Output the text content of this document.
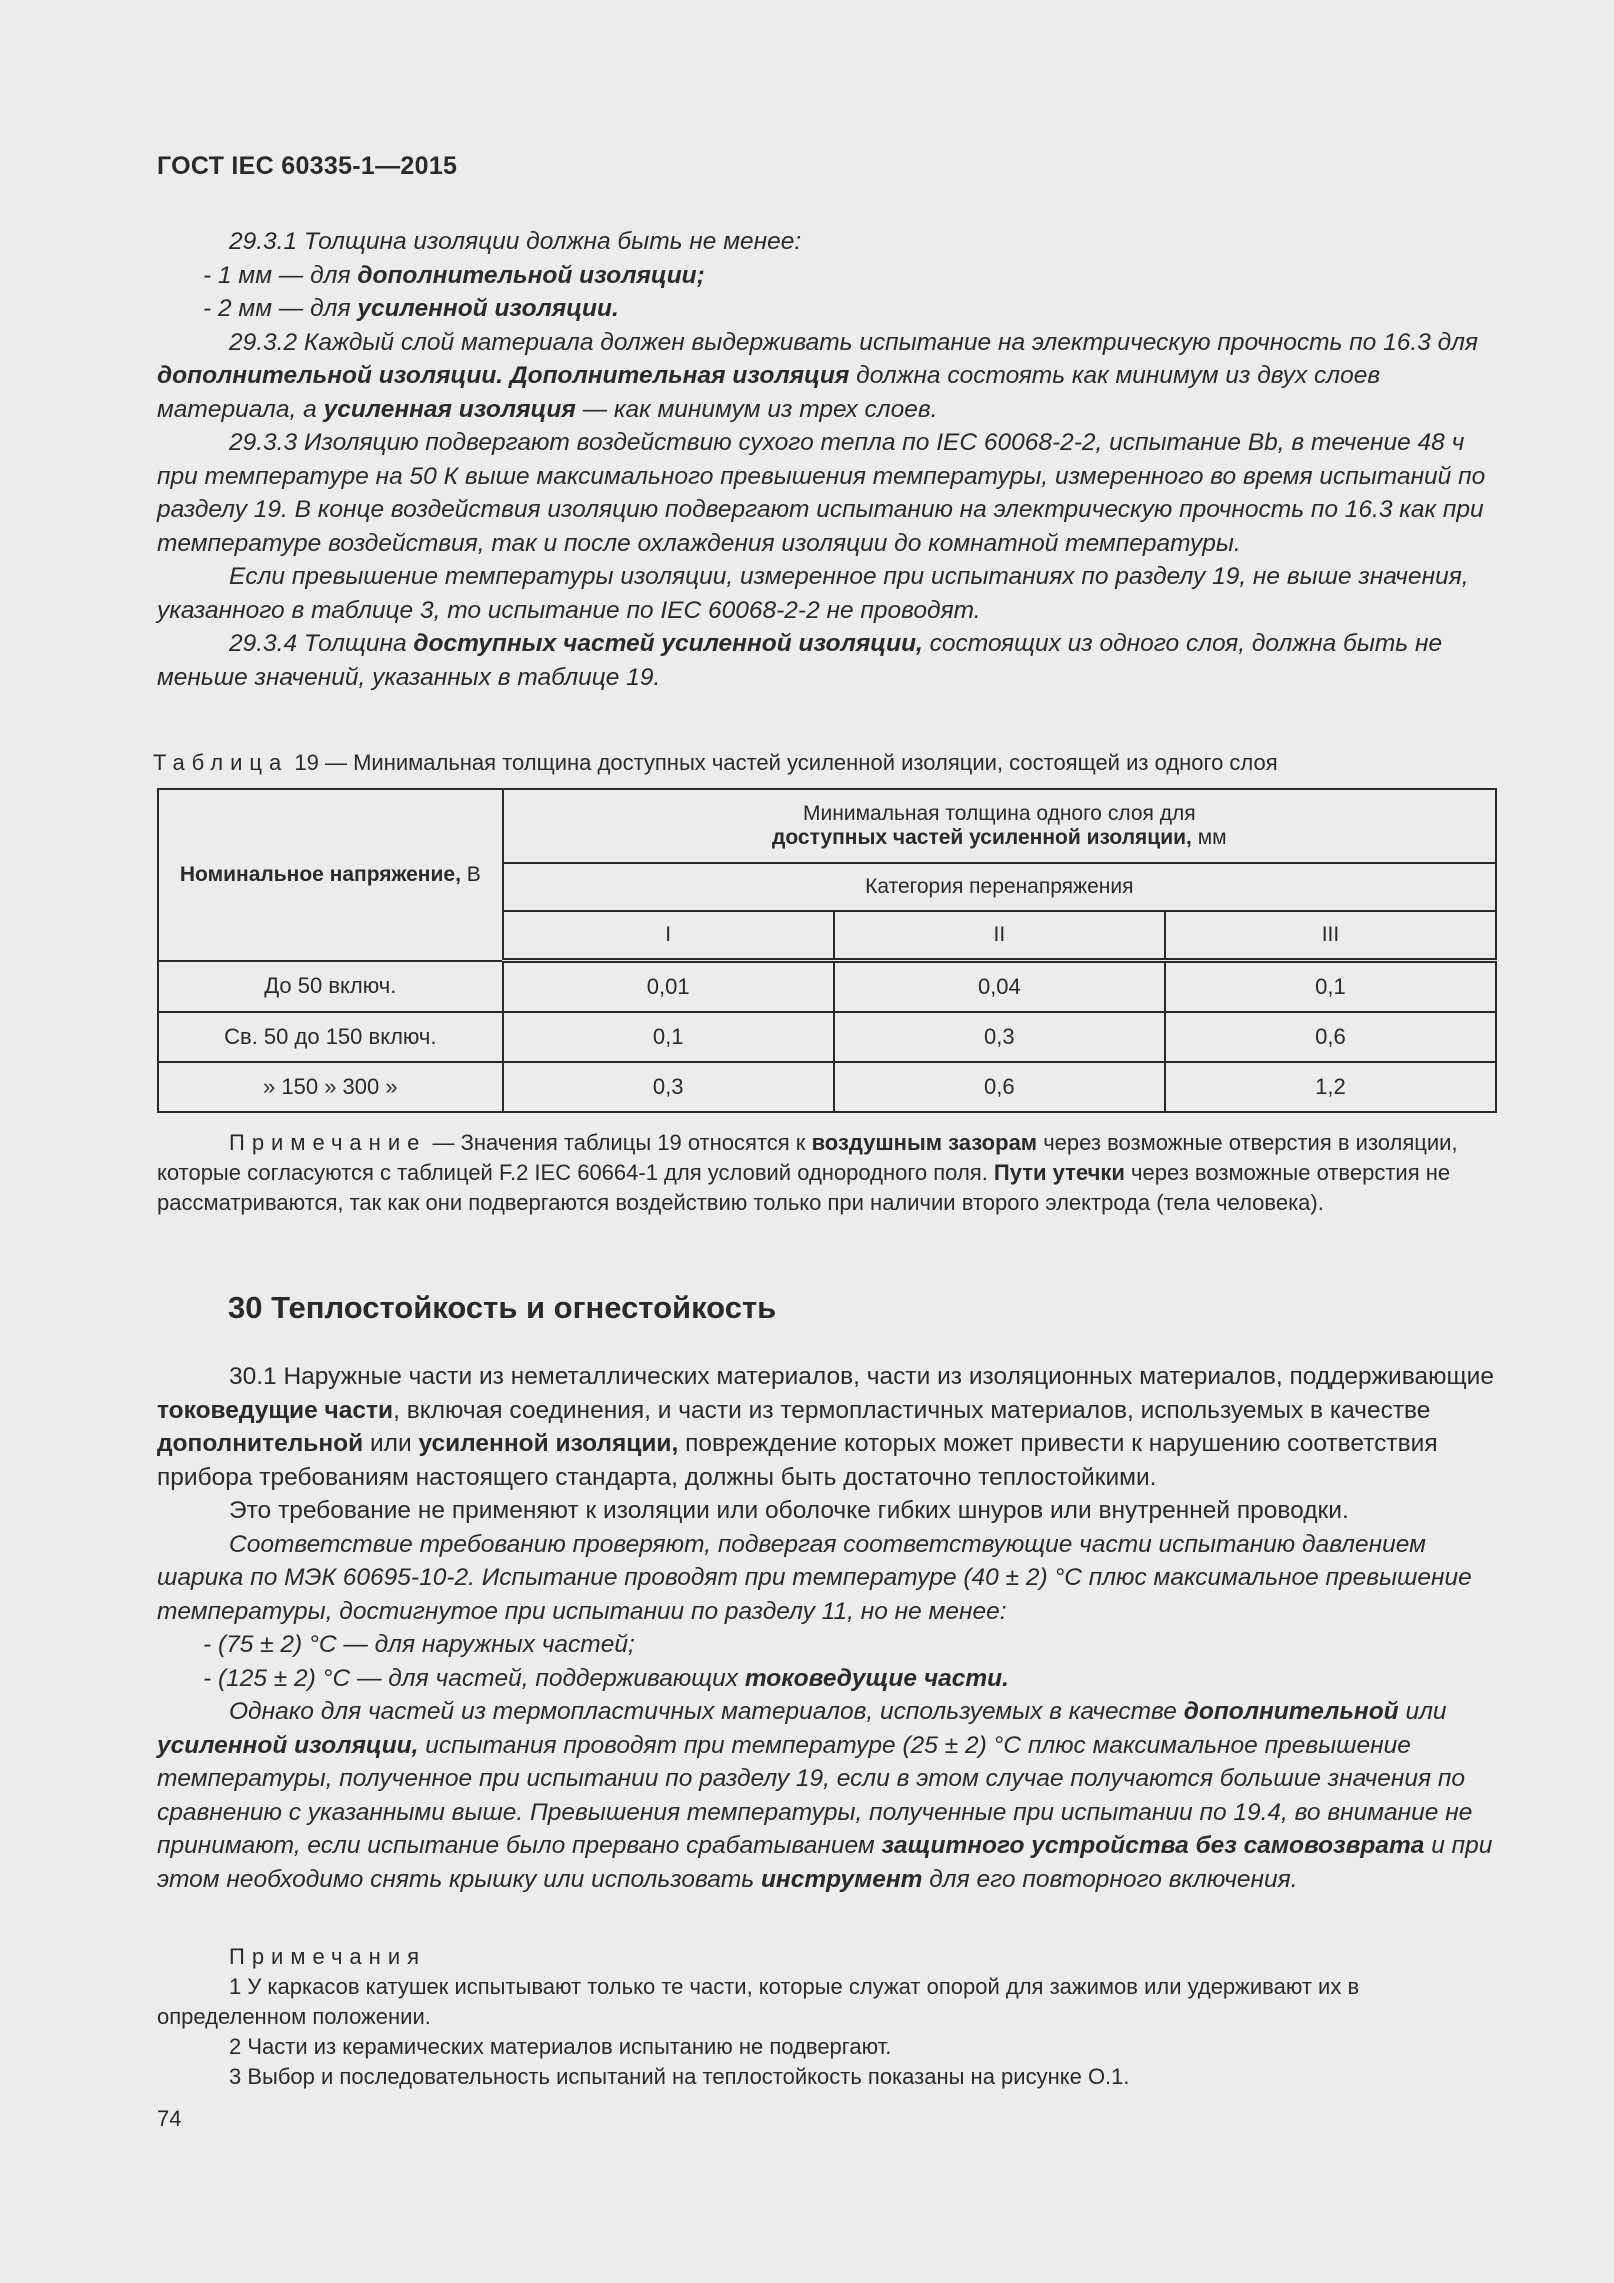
ГОСТ IEC 60335-1—2015
29.3.1 Толщина изоляции должна быть не менее:
- 1 мм — для дополнительной изоляции;
- 2 мм — для усиленной изоляции.
29.3.2 Каждый слой материала должен выдерживать испытание на электрическую прочность по 16.3 для дополнительной изоляции. Дополнительная изоляция должна состоять как минимум из двух слоев материала, а усиленная изоляция — как минимум из трех слоев.
29.3.3 Изоляцию подвергают воздействию сухого тепла по IEC 60068-2-2, испытание Bb, в течение 48 ч при температуре на 50 К выше максимального превышения температуры, измеренного во время испытаний по разделу 19. В конце воздействия изоляцию подвергают испытанию на электрическую прочность по 16.3 как при температуре воздействия, так и после охлаждения изоляции до комнатной температуры.
Если превышение температуры изоляции, измеренное при испытаниях по разделу 19, не выше значения, указанного в таблице 3, то испытание по IEC 60068-2-2 не проводят.
29.3.4 Толщина доступных частей усиленной изоляции, состоящих из одного слоя, должна быть не меньше значений, указанных в таблице 19.
Таблица 19 — Минимальная толщина доступных частей усиленной изоляции, состоящей из одного слоя
Номинальное напряжение, В	Минимальная толщина одного слоя для
доступных частей усиленной изоляции, мм		

	Категория перенапряжения		
	I	II	III
До 50 включ.	0,01	0,04	0,1
Св. 50 до 150 включ.	0,1	0,3	0,6
» 150 » 300 »	0,3	0,6	1,2
Примечание — Значения таблицы 19 относятся к воздушным зазорам через возможные отверстия в изоляции, которые согласуются с таблицей F.2 IEC 60664-1 для условий однородного поля. Пути утечки через возможные отверстия не рассматриваются, так как они подвергаются воздействию только при наличии второго электрода (тела человека).
30 Теплостойкость и огнестойкость
30.1 Наружные части из неметаллических материалов, части из изоляционных материалов, поддерживающие токоведущие части, включая соединения, и части из термопластичных материалов, используемых в качестве дополнительной или усиленной изоляции, повреждение которых может привести к нарушению соответствия прибора требованиям настоящего стандарта, должны быть достаточно теплостойкими.
Это требование не применяют к изоляции или оболочке гибких шнуров или внутренней проводки.
Соответствие требованию проверяют, подвергая соответствующие части испытанию давлением шарика по МЭК 60695-10-2. Испытание проводят при температуре (40 ± 2) °С плюс максимальное превышение температуры, достигнутое при испытании по разделу 11, но не менее:
- (75 ± 2) °С — для наружных частей;
- (125 ± 2) °С — для частей, поддерживающих токоведущие части.
Однако для частей из термопластичных материалов, используемых в качестве дополнительной или усиленной изоляции, испытания проводят при температуре (25 ± 2) °С плюс максимальное превышение температуры, полученное при испытании по разделу 19, если в этом случае получаются большие значения по сравнению с указанными выше. Превышения температуры, полученные при испытании по 19.4, во внимание не принимают, если испытание было прервано срабатыванием защитного устройства без самовозврата и при этом необходимо снять крышку или использовать инструмент для его повторного включения.
Примечания
1 У каркасов катушек испытывают только те части, которые служат опорой для зажимов или удерживают их в определенном положении.
2 Части из керамических материалов испытанию не подвергают.
3 Выбор и последовательность испытаний на теплостойкость показаны на рисунке О.1.
74
